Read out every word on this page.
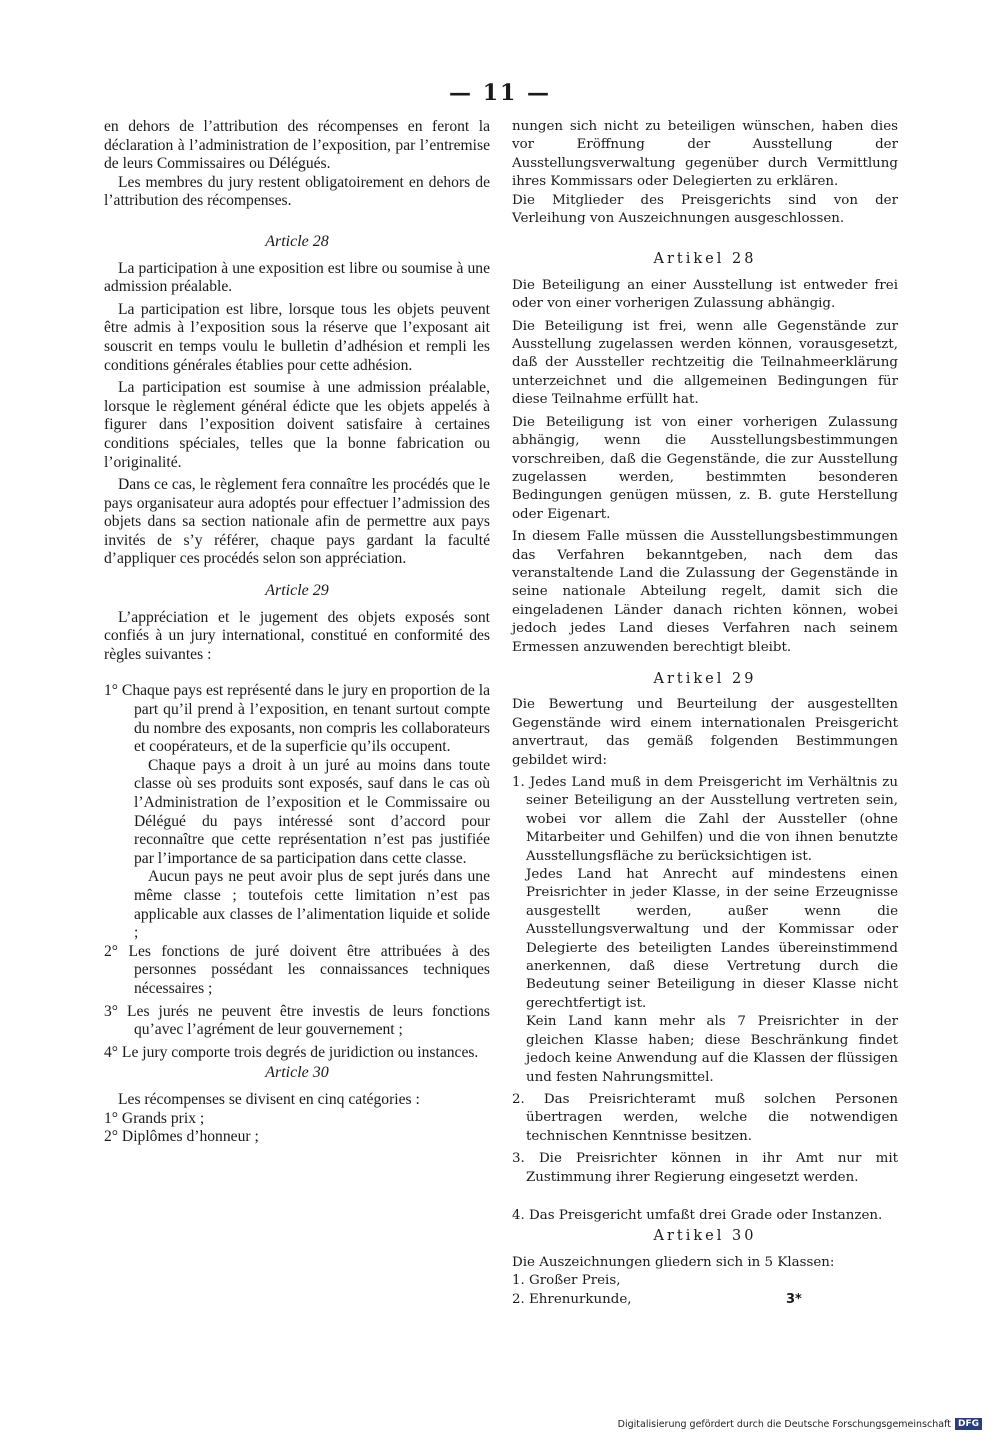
— 11 —

en dehors de l’attribution des récompenses en feront la déclaration à l’administration de l’exposition, par l’entremise de leurs Commissaires ou Délégués.

Les membres du jury restent obligatoirement en dehors de l’attribution des récompenses.

Article 28

La participation à une exposition est libre ou soumise à une admission préalable.

La participation est libre, lorsque tous les objets peuvent être admis à l’exposition sous la réserve que l’exposant ait souscrit en temps voulu le bulletin d’adhésion et rempli les conditions générales établies pour cette adhésion.

La participation est soumise à une admission préalable, lorsque le règlement général édicte que les objets appelés à figurer dans l’exposition doivent satisfaire à certaines conditions spéciales, telles que la bonne fabrication ou l’originalité.

Dans ce cas, le règlement fera connaître les procédés que le pays organisateur aura adoptés pour effectuer l’admission des objets dans sa section nationale afin de permettre aux pays invités de s’y référer, chaque pays gardant la faculté d’appliquer ces procédés selon son appréciation.

Article 29

L’appréciation et le jugement des objets exposés sont confiés à un jury international, constitué en conformité des règles suivantes :

1° Chaque pays est représenté dans le jury en proportion de la part qu’il prend à l’exposition, en tenant surtout compte du nombre des exposants, non compris les collaborateurs et coopérateurs, et de la superficie qu’ils occupent.

Chaque pays a droit à un juré au moins dans toute classe où ses produits sont exposés, sauf dans le cas où l’Administration de l’exposition et le Commissaire ou Délégué du pays intéressé sont d’accord pour reconnaître que cette représentation n’est pas justifiée par l’importance de sa participation dans cette classe.

Aucun pays ne peut avoir plus de sept jurés dans une même classe ; toutefois cette limitation n’est pas applicable aux classes de l’alimentation liquide et solide ;

2° Les fonctions de juré doivent être attribuées à des personnes possédant les connaissances techniques nécessaires ;

3° Les jurés ne peuvent être investis de leurs fonctions qu’avec l’agrément de leur gouvernement ;

4° Le jury comporte trois degrés de juridiction ou instances.

Article 30

Les récompenses se divisent en cinq catégories :

1° Grands prix ;

2° Diplômes d’honneur ;

nungen sich nicht zu beteiligen wünschen, haben dies vor Eröffnung der Ausstellung der Ausstellungsverwaltung gegenüber durch Vermittlung ihres Kommissars oder Delegierten zu erklären.

Die Mitglieder des Preisgerichts sind von der Verleihung von Auszeichnungen ausgeschlossen.

Artikel 28

Die Beteiligung an einer Ausstellung ist entweder frei oder von einer vorherigen Zulassung abhängig.

Die Beteiligung ist frei, wenn alle Gegenstände zur Ausstellung zugelassen werden können, vorausgesetzt, daß der Aussteller rechtzeitig die Teilnahmeerklärung unterzeichnet und die allgemeinen Bedingungen für diese Teilnahme erfüllt hat.

Die Beteiligung ist von einer vorherigen Zulassung abhängig, wenn die Ausstellungsbestimmungen vorschreiben, daß die Gegenstände, die zur Ausstellung zugelassen werden, bestimmten besonderen Bedingungen genügen müssen, z. B. gute Herstellung oder Eigenart.

In diesem Falle müssen die Ausstellungsbestimmungen das Verfahren bekanntgeben, nach dem das veranstaltende Land die Zulassung der Gegenstände in seine nationale Abteilung regelt, damit sich die eingeladenen Länder danach richten können, wobei jedoch jedes Land dieses Verfahren nach seinem Ermessen anzuwenden berechtigt bleibt.

Artikel 29

Die Bewertung und Beurteilung der ausgestellten Gegenstände wird einem internationalen Preisgericht anvertraut, das gemäß folgenden Bestimmungen gebildet wird:

1. Jedes Land muß in dem Preisgericht im Verhältnis zu seiner Beteiligung an der Ausstellung vertreten sein, wobei vor allem die Zahl der Aussteller (ohne Mitarbeiter und Gehilfen) und die von ihnen benutzte Ausstellungsfläche zu berücksichtigen ist.

Jedes Land hat Anrecht auf mindestens einen Preisrichter in jeder Klasse, in der seine Erzeugnisse ausgestellt werden, außer wenn die Ausstellungsverwaltung und der Kommissar oder Delegierte des beteiligten Landes übereinstimmend anerkennen, daß diese Vertretung durch die Bedeutung seiner Beteiligung in dieser Klasse nicht gerechtfertigt ist.

Kein Land kann mehr als 7 Preisrichter in der gleichen Klasse haben; diese Beschränkung findet jedoch keine Anwendung auf die Klassen der flüssigen und festen Nahrungsmittel.

2. Das Preisrichteramt muß solchen Personen übertragen werden, welche die notwendigen technischen Kenntnisse besitzen.

3. Die Preisrichter können in ihr Amt nur mit Zustimmung ihrer Regierung eingesetzt werden.

4. Das Preisgericht umfaßt drei Grade oder Instanzen.

Artikel 30

Die Auszeichnungen gliedern sich in 5 Klassen:

1. Großer Preis,

2. Ehrenurkunde,	3*
Digitalisierung gefördert durch die Deutsche Forschungsgemeinschaft DFG
